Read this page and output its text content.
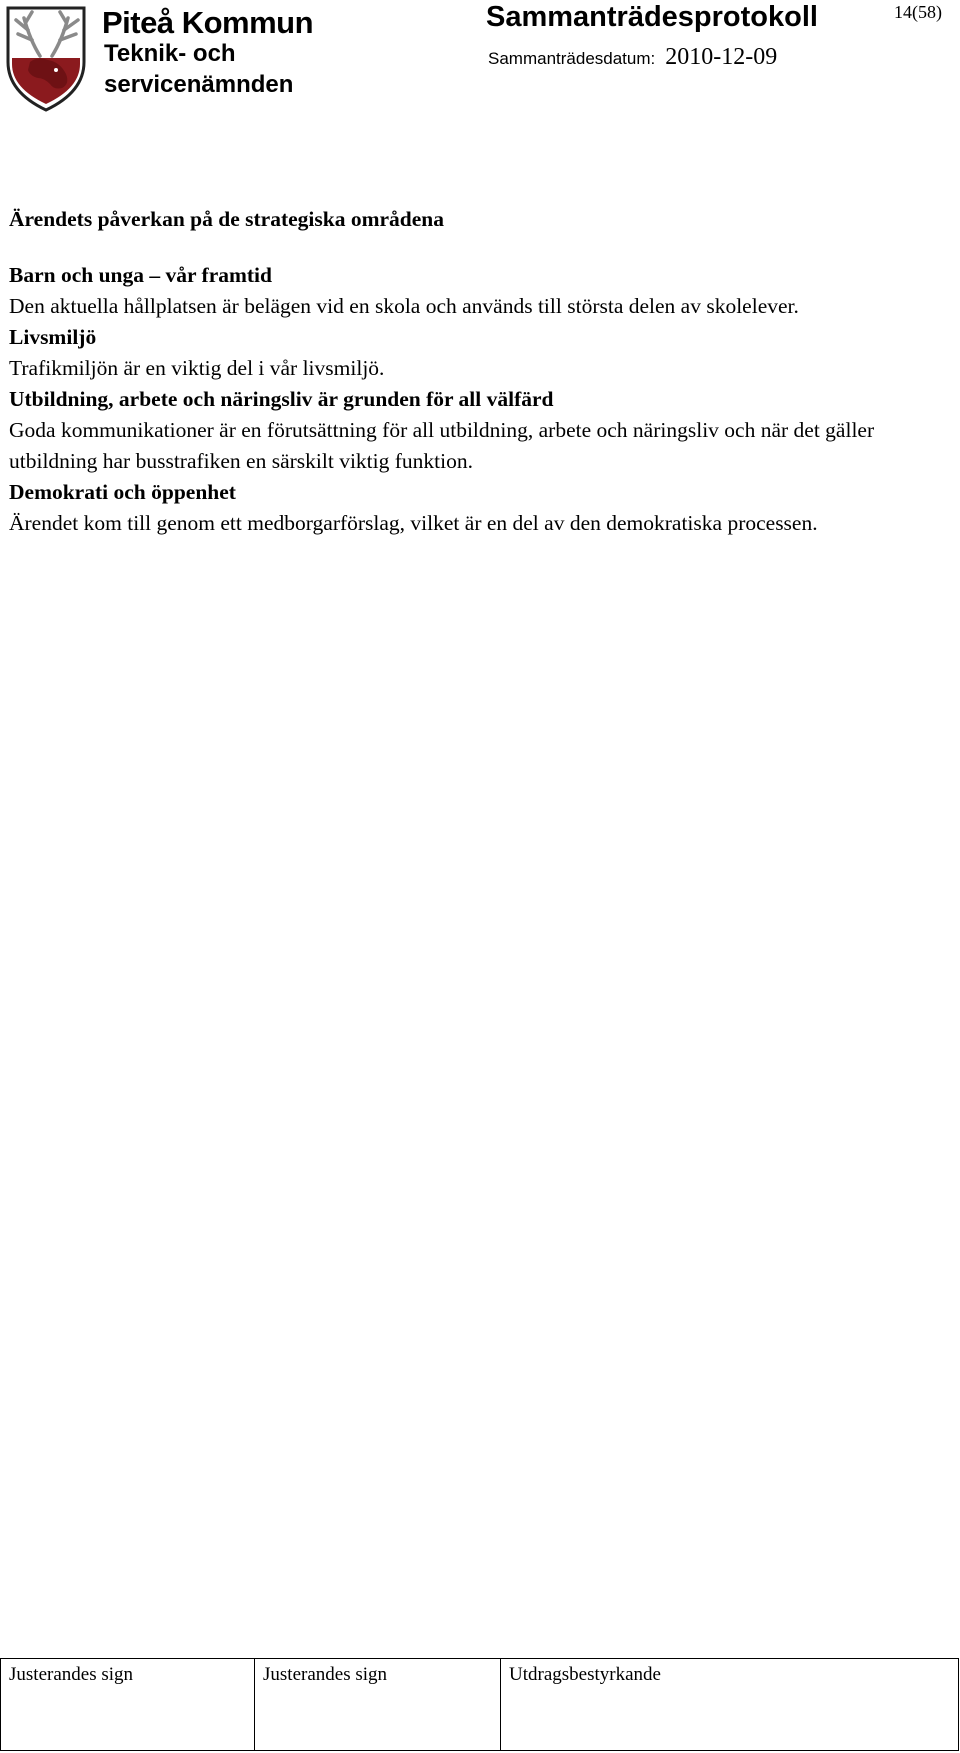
Piteå Kommun
Teknik- och servicenämnden
Sammanträdesprotokoll	14(58)
Sammanträdesdatum: 2010-12-09
Ärendets påverkan på de strategiska områdena
Barn och unga – vår framtid

Den aktuella hållplatsen är belägen vid en skola och används till största delen av skolelever.

Livsmiljö

Trafikmiljön är en viktig del i vår livsmiljö.

Utbildning, arbete och näringsliv är grunden för all välfärd

Goda kommunikationer är en förutsättning för all utbildning, arbete och näringsliv och när det gäller utbildning har busstrafiken en särskilt viktig funktion.

Demokrati och öppenhet

Ärendet kom till genom ett medborgarförslag, vilket är en del av den demokratiska processen.

Justerandes sign	Justerandes sign	Utdragsbestyrkande
